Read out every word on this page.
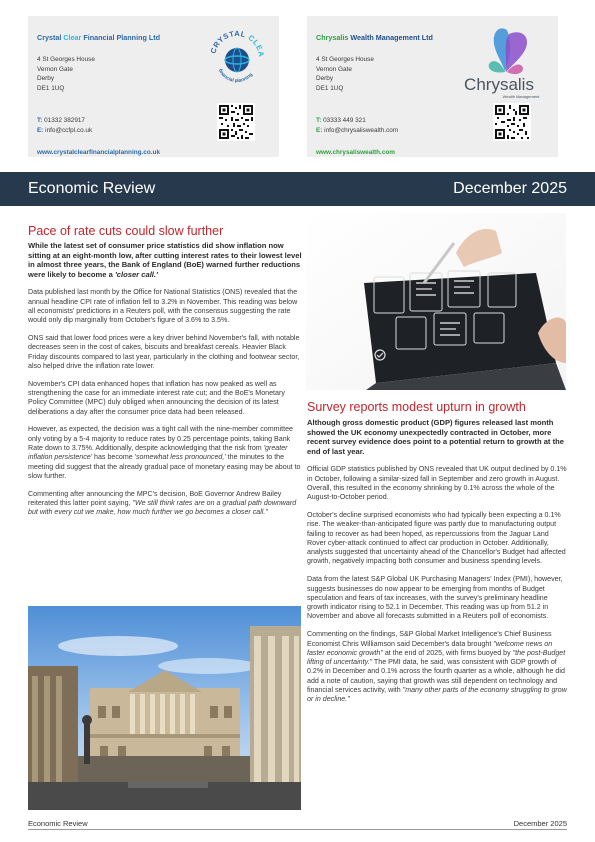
Crystal Clear Financial Planning Ltd
4 St Georges House
Vernon Gate
Derby
DE1 1UQ
T: 01332 382917
E: info@ccfpl.co.uk
www.crystalclearfinancialplanning.co.uk
CRYSTAL CLEA
financial planning
Chrysalis Wealth Management Ltd
4 St Georges House
Vernon Gate
Derby
DE1 1UQ
T: 03333 449 321
E: info@chrysaliswealth.com
www.chrysaliswealth.com
Chrysalis
Wealth Management
Economic Review	December 2025
Pace of rate cuts could slow further

While the latest set of consumer price statistics did show inflation now sitting at an eight-month low, after cutting interest rates to their lowest level in almost three years, the Bank of England (BoE) warned further reductions were likely to become a 'closer call.'

Data published last month by the Office for National Statistics (ONS) revealed that the annual headline CPI rate of inflation fell to 3.2% in November. This reading was below all economists' predictions in a Reuters poll, with the consensus suggesting the rate would only dip marginally from October's figure of 3.6% to 3.5%.

ONS said that lower food prices were a key driver behind November's fall, with notable decreases seen in the cost of cakes, biscuits and breakfast cereals. Heavier Black Friday discounts compared to last year, particularly in the clothing and footwear sector, also helped drive the inflation rate lower.

November's CPI data enhanced hopes that inflation has now peaked as well as strengthening the case for an immediate interest rate cut; and the BoE's Monetary Policy Committee (MPC) duly obliged when announcing the decision of its latest deliberations a day after the consumer price data had been released.

However, as expected, the decision was a tight call with the nine-member committee only voting by a 5-4 majority to reduce rates by 0.25 percentage points, taking Bank Rate down to 3.75%. Additionally, despite acknowledging that the risk from 'greater inflation persistence' has become 'somewhat less pronounced,' the minutes to the meeting did suggest that the already gradual pace of monetary easing may be about to slow further.

Commenting after announcing the MPC's decision, BoE Governor Andrew Bailey reiterated this latter point saying, "We still think rates are on a gradual path downward but with every cut we make, how much further we go becomes a closer call."

Survey reports modest upturn in growth

Although gross domestic product (GDP) figures released last month showed the UK economy unexpectedly contracted in October, more recent survey evidence does point to a potential return to growth at the end of last year.

Official GDP statistics published by ONS revealed that UK output declined by 0.1% in October, following a similar-sized fall in September and zero growth in August. Overall, this resulted in the economy shrinking by 0.1% across the whole of the August-to-October period.

October's decline surprised economists who had typically been expecting a 0.1% rise. The weaker-than-anticipated figure was partly due to manufacturing output failing to recover as had been hoped, as repercussions from the Jaguar Land Rover cyber-attack continued to affect car production in October. Additionally, analysts suggested that uncertainty ahead of the Chancellor's Budget had affected growth, negatively impacting both consumer and business spending levels.

Data from the latest S&P Global UK Purchasing Managers' Index (PMI), however, suggests businesses do now appear to be emerging from months of Budget speculation and fears of tax increases, with the survey's preliminary headline growth indicator rising to 52.1 in December. This reading was up from 51.2 in November and above all forecasts submitted in a Reuters poll of economists.

Commenting on the findings, S&P Global Market Intelligence's Chief Business Economist Chris Williamson said December's data brought "welcome news on faster economic growth" at the end of 2025, with firms buoyed by "the post-Budget lifting of uncertainty." The PMI data, he said, was consistent with GDP growth of 0.2% in December and 0.1% across the fourth quarter as a whole, although he did add a note of caution, saying that growth was still dependent on technology and financial services activity, with "many other parts of the economy struggling to grow or in decline."

Economic Review	December 2025
